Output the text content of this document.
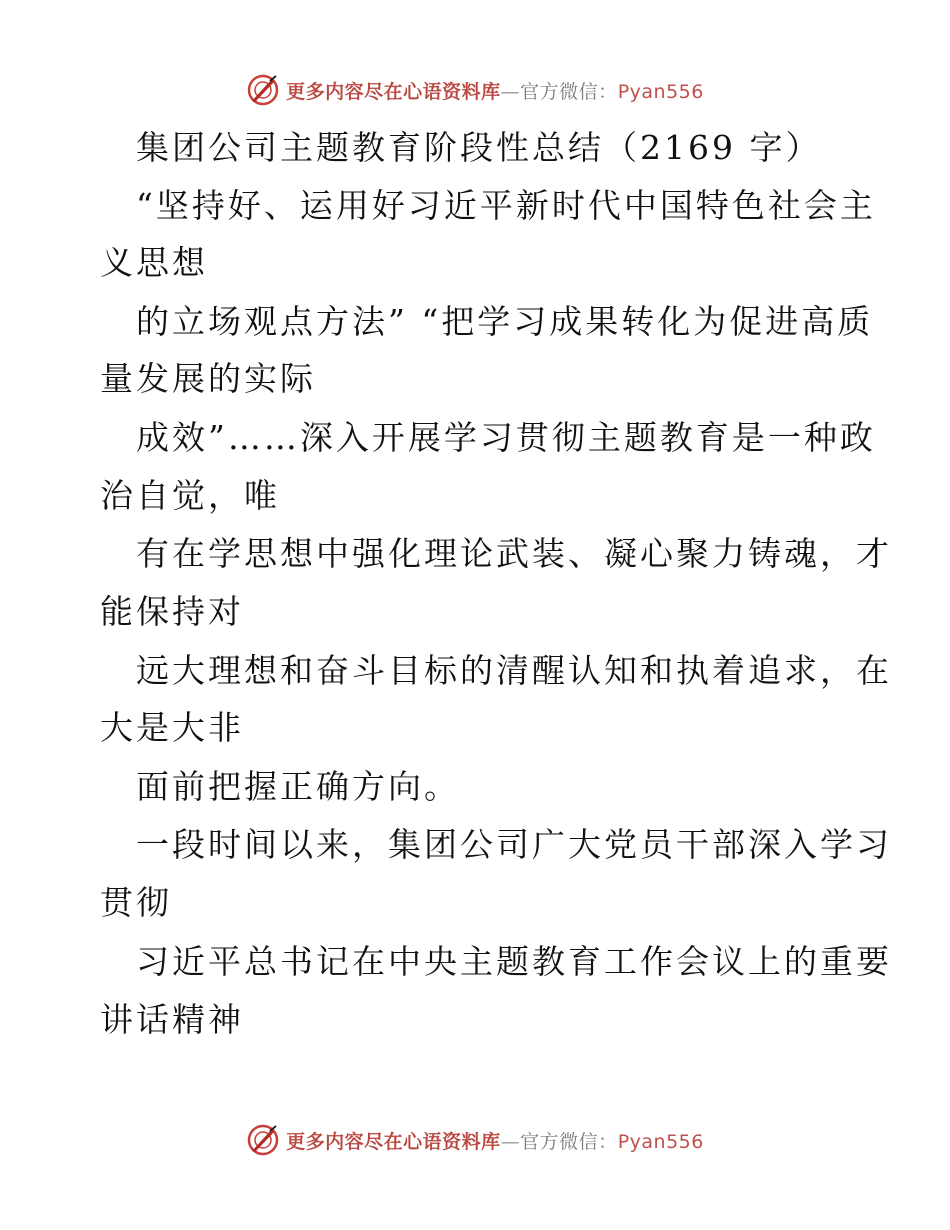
更多内容尽在心语资料库—官方微信：Pyan556
集团公司主题教育阶段性总结（2169 字）
“坚持好、运用好习近平新时代中国特色社会主
义思想
的立场观点方法” “把学习成果转化为促进高质
量发展的实际
成效”……深入开展学习贯彻主题教育是一种政
治自觉，唯
有在学思想中强化理论武装、凝心聚力铸魂，才
能保持对
远大理想和奋斗目标的清醒认知和执着追求，在
大是大非
面前把握正确方向。
一段时间以来，集团公司广大党员干部深入学习
贯彻
习近平总书记在中央主题教育工作会议上的重要
讲话精神
更多内容尽在心语资料库—官方微信：Pyan556
